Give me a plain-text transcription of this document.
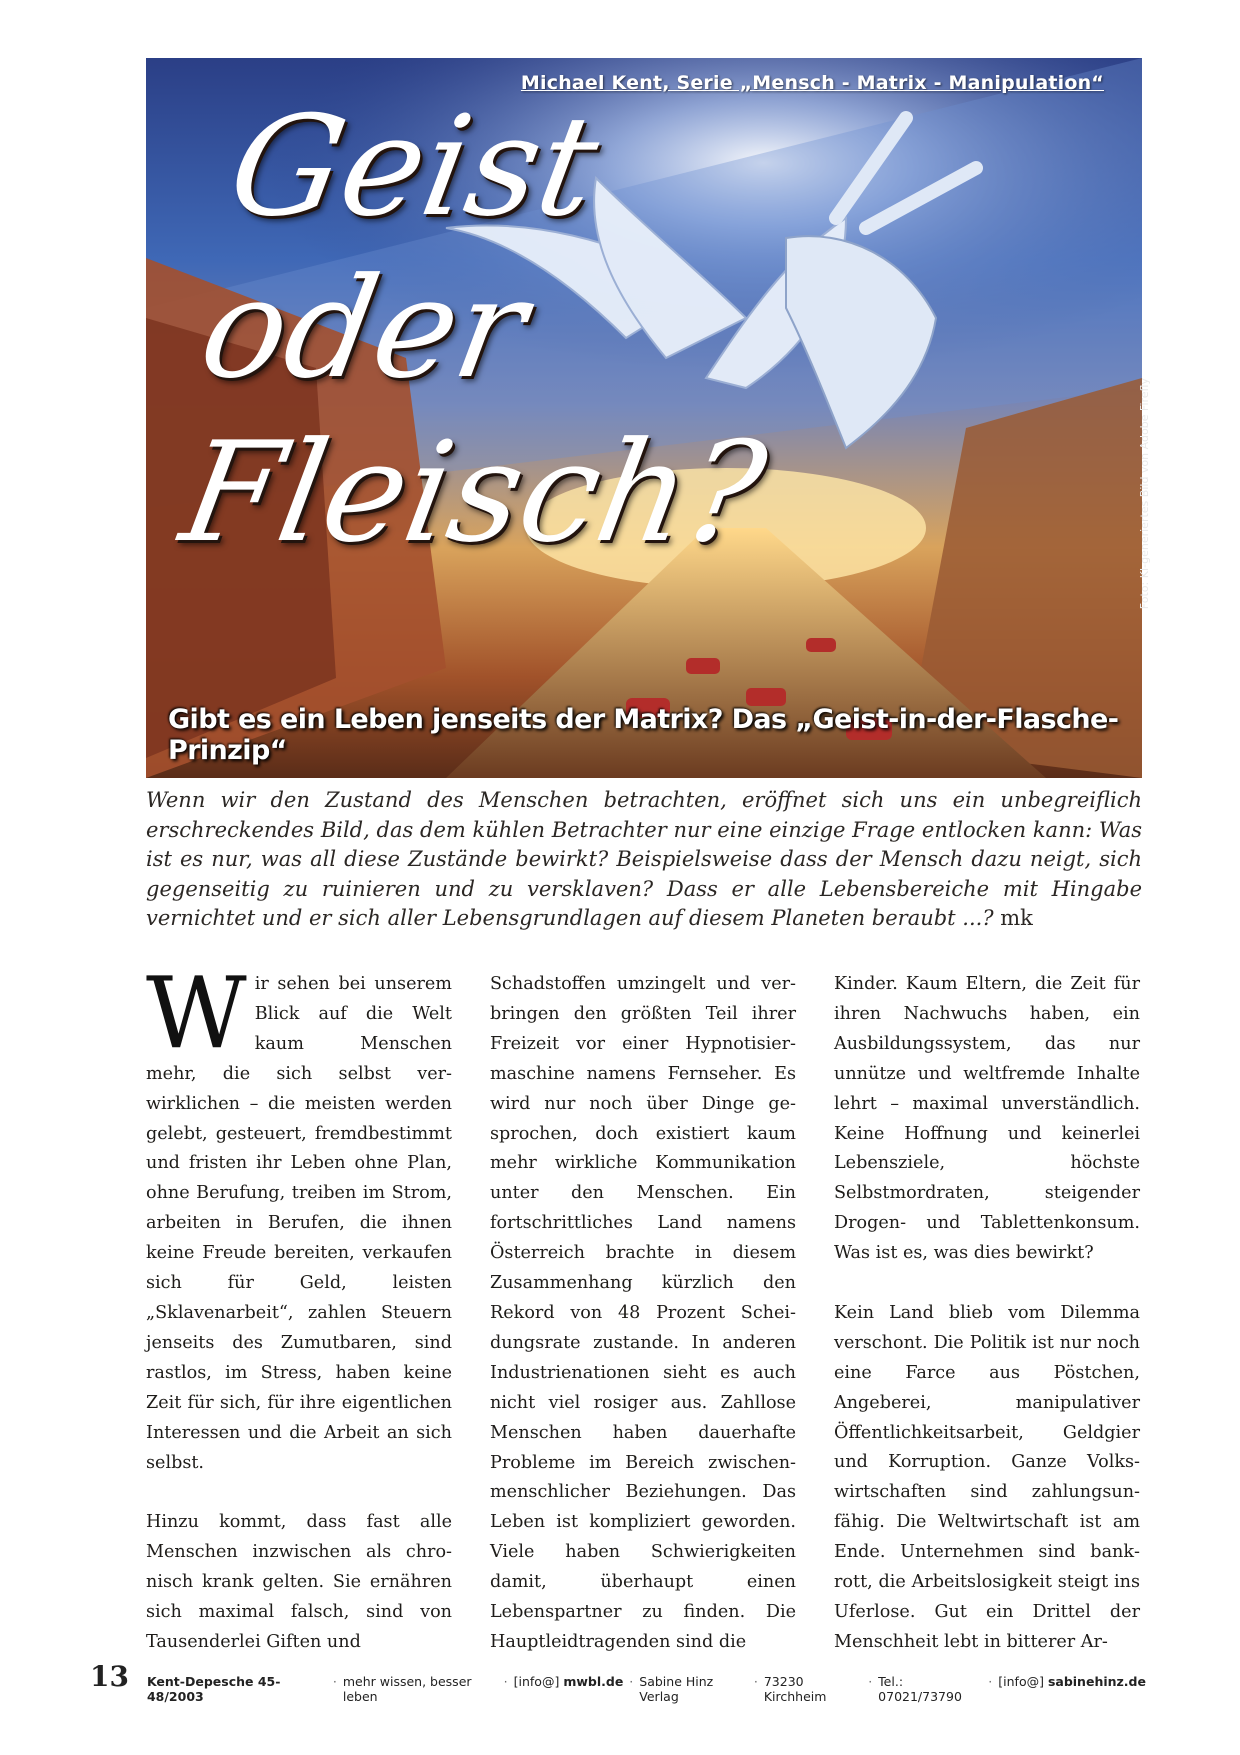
Michael Kent, Serie „Mensch - Matrix - Manipulation“
Geist
oder
Fleisch?	Foto: KI-generiertes Bild von Adobe Firefly
Gibt es ein Leben jenseits der Matrix? Das „Geist-in-der-Flasche-Prinzip“
Wenn wir den Zustand des Menschen betrachten, eröffnet sich uns ein unbegreiflich erschreckendes Bild, das dem kühlen Betrachter nur eine einzige Frage entlocken kann: Was ist es nur, was all diese Zustände bewirkt? Beispielsweise dass der Mensch dazu neigt, sich gegenseitig zu ruinieren und zu versklaven? Dass er alle Lebensbereiche mit Hingabe vernichtet und er sich aller Lebensgrundlagen auf diesem Planeten beraubt ...? mk

Wir sehen bei unserem Blick auf die Welt kaum Menschen mehr, die sich selbst verwirklichen – die meisten werden gelebt, gesteuert, fremdbestimmt und fristen ihr Leben ohne Plan, ohne Berufung, treiben im Strom, arbeiten in Berufen, die ihnen keine Freude bereiten, verkaufen sich für Geld, leisten „Sklavenarbeit“, zahlen Steuern jenseits des Zumutbaren, sind rastlos, im Stress, haben keine Zeit für sich, für ihre eigentlichen Interessen und die Arbeit an sich selbst.

Hinzu kommt, dass fast alle Menschen inzwischen als chronisch krank gelten. Sie ernähren sich maximal falsch, sind von Tausenderlei Giften und

Schadstoffen umzingelt und verbringen den größten Teil ihrer Freizeit vor einer Hypnotisiermaschine namens Fernseher. Es wird nur noch über Dinge gesprochen, doch existiert kaum mehr wirkliche Kommunikation unter den Menschen. Ein fortschrittliches Land namens Österreich brachte in diesem Zusammenhang kürzlich den Rekord von 48 Prozent Scheidungsrate zustande. In anderen Industrienationen sieht es auch nicht viel rosiger aus. Zahllose Menschen haben dauerhafte Probleme im Bereich zwischenmenschlicher Beziehungen. Das Leben ist kompliziert geworden. Viele haben Schwierigkeiten damit, überhaupt einen Lebenspartner zu finden. Die Hauptleidtragenden sind die

Kinder. Kaum Eltern, die Zeit für ihren Nachwuchs haben, ein Ausbildungssystem, das nur unnütze und weltfremde Inhalte lehrt – maximal unverständlich. Keine Hoffnung und keinerlei Lebensziele, höchste Selbstmordraten, steigender Drogen- und Tablettenkonsum. Was ist es, was dies bewirkt?

Kein Land blieb vom Dilemma verschont. Die Politik ist nur noch eine Farce aus Pöstchen, Angeberei, manipulativer Öffentlichkeitsarbeit, Geldgier und Korruption. Ganze Volkswirtschaften sind zahlungsunfähig. Die Weltwirtschaft ist am Ende. Unternehmen sind bankrott, die Arbeitslosigkeit steigt ins Uferlose. Gut ein Drittel der Menschheit lebt in bitterer Ar-

13 Kent-Depesche 45-48/2003
· mehr wissen, besser leben
· [info@]
mwbl.de · Sabine Hinz Verlag
· 73230 Kirchheim
· Tel.: 07021/73790
· [info@]
sabinehinz.de
